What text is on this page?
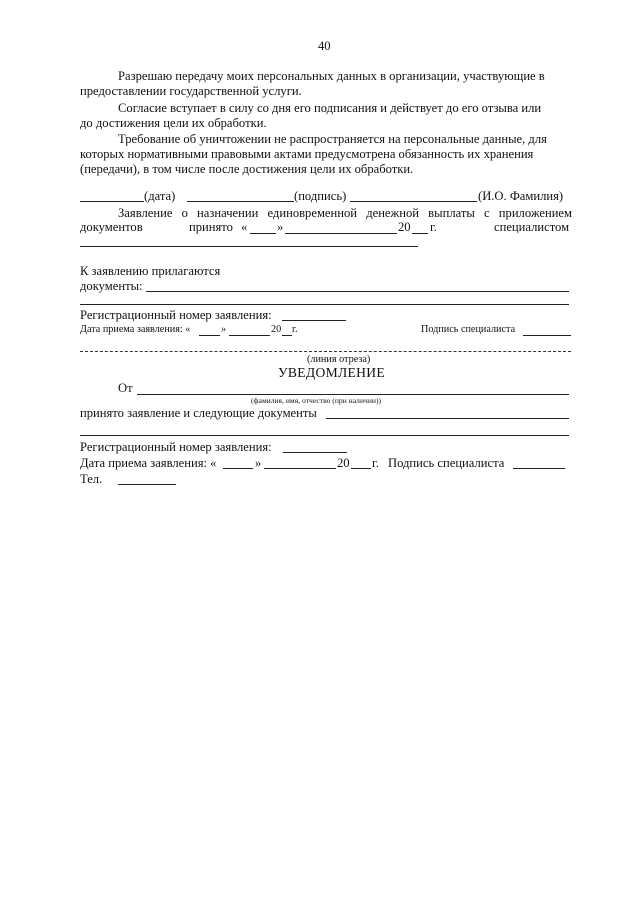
40
Разрешаю передачу моих персональных данных в организации, участвующие в
предоставлении государственной услуги.
Согласие вступает в силу со дня его подписания и действует до его отзыва или
до достижения цели их обработки.
Требование об уничтожении не распространяется на персональные данные, для
которых нормативными правовыми актами предусмотрена обязанность их хранения
(передачи), в том числе после достижения цели их обработки.
(дата)	(подпись)	(И.О. Фамилия)
Заявление о назначении единовременной денежной выплаты с приложением
документов	принято « »	20 г.	специалистом
К заявлению прилагаются
документы:
Регистрационный номер заявления:
Дата приема заявления: «	»	20 г.	Подпись специалиста
(линия отреза)
УВЕДОМЛЕНИЕ
От
(фамилия, имя, отчество (при наличии))
принято заявление и следующие документы
Регистрационный номер заявления:
Дата приема заявления: «	»	20 г. Подпись специалиста
Тел.
